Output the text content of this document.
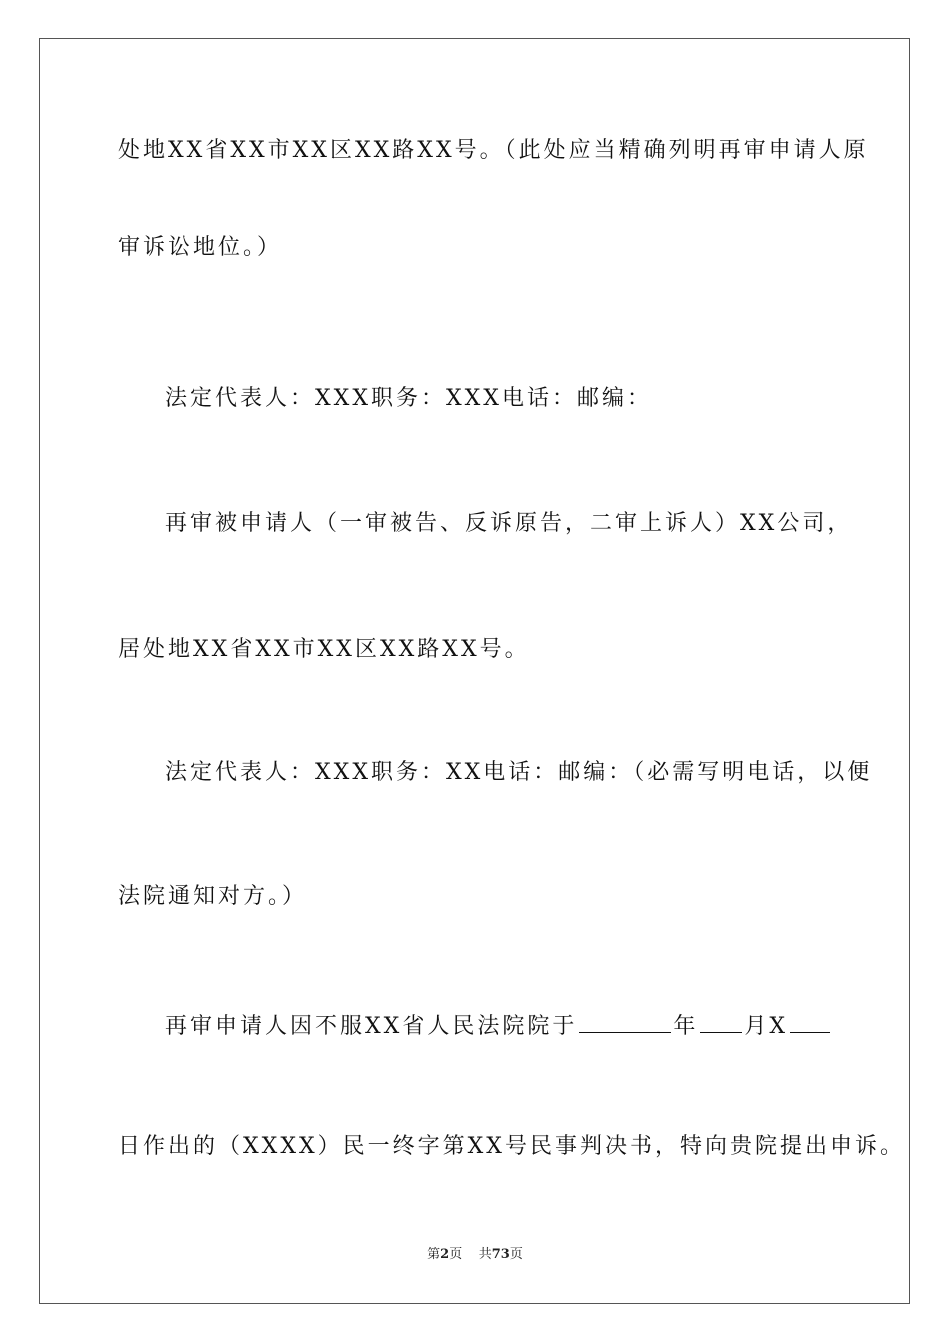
处地XX省XX市XX区XX路XX号。（此处应当精确列明再审申请人原
审诉讼地位。）
法定代表人：XXX职务：XXX电话：邮编：
再审被申请人（一审被告、反诉原告，二审上诉人）XX公司，
居处地XX省XX市XX区XX路XX号。
法定代表人：XXX职务：XX电话：邮编：（必需写明电话，以便
法院通知对方。）
再审申请人因不服XX省人民法院院于	年 月X
日作出的（XXXX）民一终字第XX号民事判决书，特向贵院提出申诉。
第2页 共73页
